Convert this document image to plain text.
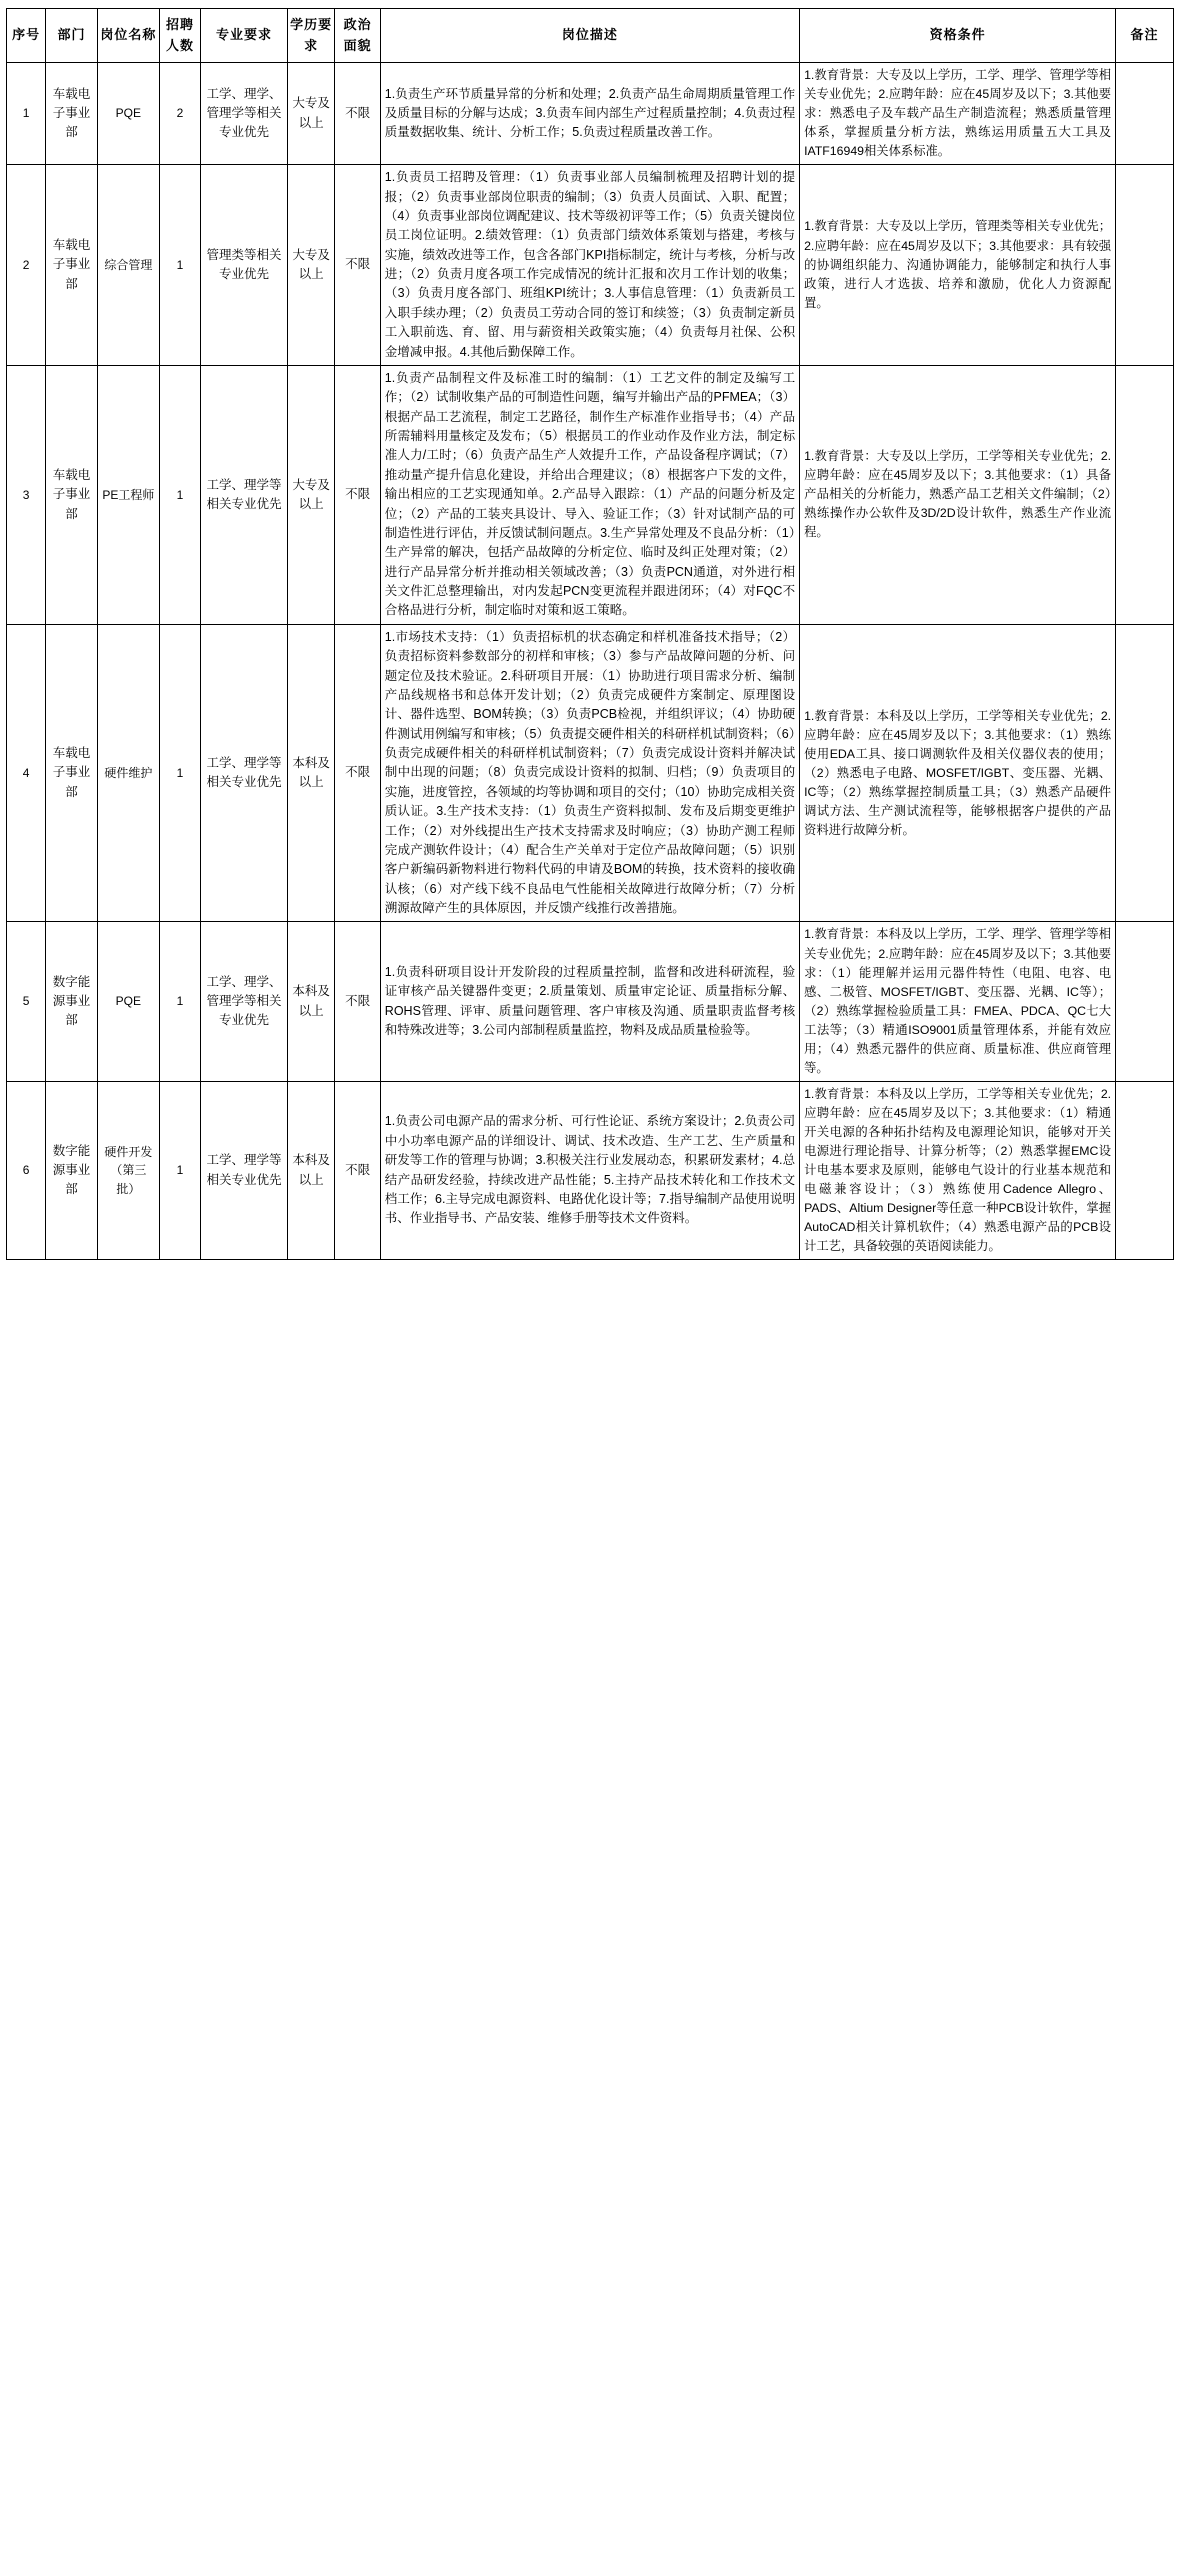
序号	部门	岗位名称	招聘人数	专业要求	学历要求	政治面貌	岗位描述	资格条件	备注
1	车载电子事业部	PQE	2	工学、理学、管理学等相关专业优先	大专及以上	不限	1.负责生产环节质量异常的分析和处理；2.负责产品生命周期质量管理工作及质量目标的分解与达成；3.负责车间内部生产过程质量控制；4.负责过程质量数据收集、统计、分析工作；5.负责过程质量改善工作。	1.教育背景：大专及以上学历，工学、理学、管理学等相关专业优先；2.应聘年龄：应在45周岁及以下；3.其他要求：熟悉电子及车载产品生产制造流程；熟悉质量管理体系，掌握质量分析方法，熟练运用质量五大工具及IATF16949相关体系标准。	
2	车载电子事业部	综合管理	1	管理类等相关专业优先	大专及以上	不限	1.负责员工招聘及管理：（1）负责事业部人员编制梳理及招聘计划的提报；（2）负责事业部岗位职责的编制；（3）负责人员面试、入职、配置；（4）负责事业部岗位调配建议、技术等级初评等工作；（5）负责关键岗位员工岗位证明。2.绩效管理：（1）负责部门绩效体系策划与搭建，考核与实施，绩效改进等工作，包含各部门KPI指标制定，统计与考核，分析与改进；（2）负责月度各项工作完成情况的统计汇报和次月工作计划的收集；（3）负责月度各部门、班组KPI统计；3.人事信息管理：（1）负责新员工入职手续办理；（2）负责员工劳动合同的签订和续签；（3）负责制定新员工入职前选、育、留、用与薪资相关政策实施；（4）负责每月社保、公积金增减申报。4.其他后勤保障工作。	1.教育背景：大专及以上学历，管理类等相关专业优先；2.应聘年龄：应在45周岁及以下；3.其他要求：具有较强的协调组织能力、沟通协调能力，能够制定和执行人事政策，进行人才选拔、培养和激励，优化人力资源配置。	
3	车载电子事业部	PE工程师	1	工学、理学等相关专业优先	大专及以上	不限	1.负责产品制程文件及标准工时的编制：（1）工艺文件的制定及编写工作；（2）试制收集产品的可制造性问题，编写并输出产品的PFMEA；（3）根据产品工艺流程，制定工艺路径，制作生产标准作业指导书；（4）产品所需辅料用量核定及发布；（5）根据员工的作业动作及作业方法，制定标准人力/工时；（6）负责产品生产人效提升工作，产品设备程序调试；（7）推动量产提升信息化建设，并给出合理建议；（8）根据客户下发的文件，输出相应的工艺实现通知单。2.产品导入跟踪：（1）产品的问题分析及定位；（2）产品的工装夹具设计、导入、验证工作；（3）针对试制产品的可制造性进行评估，并反馈试制问题点。3.生产异常处理及不良品分析：（1）生产异常的解决，包括产品故障的分析定位、临时及纠正处理对策；（2）进行产品异常分析并推动相关领域改善；（3）负责PCN通道，对外进行相关文件汇总整理输出，对内发起PCN变更流程并跟进闭环；（4）对FQC不合格品进行分析，制定临时对策和返工策略。	1.教育背景：大专及以上学历，工学等相关专业优先；2.应聘年龄：应在45周岁及以下；3.其他要求：（1）具备产品相关的分析能力，熟悉产品工艺相关文件编制；（2）熟练操作办公软件及3D/2D设计软件，熟悉生产作业流程。	
4	车载电子事业部	硬件维护	1	工学、理学等相关专业优先	本科及以上	不限	1.市场技术支持：（1）负责招标机的状态确定和样机准备技术指导；（2）负责招标资料参数部分的初样和审核；（3）参与产品故障问题的分析、问题定位及技术验证。2.科研项目开展：（1）协助进行项目需求分析、编制产品线规格书和总体开发计划；（2）负责完成硬件方案制定、原理图设计、器件选型、BOM转换；（3）负责PCB检视，并组织评议；（4）协助硬件测试用例编写和审核；（5）负责提交硬件相关的科研样机试制资料；（6）负责完成硬件相关的科研样机试制资料；（7）负责完成设计资料并解决试制中出现的问题；（8）负责完成设计资料的拟制、归档；（9）负责项目的实施，进度管控，各领域的均等协调和项目的交付；（10）协助完成相关资质认证。3.生产技术支持：（1）负责生产资料拟制、发布及后期变更维护工作；（2）对外线提出生产技术支持需求及时响应；（3）协助产测工程师完成产测软件设计；（4）配合生产关单对于定位产品故障问题；（5）识别客户新编码新物料进行物料代码的申请及BOM的转换，技术资料的接收确认核；（6）对产线下线不良品电气性能相关故障进行故障分析；（7）分析溯源故障产生的具体原因，并反馈产线推行改善措施。	1.教育背景：本科及以上学历，工学等相关专业优先；2.应聘年龄：应在45周岁及以下；3.其他要求：（1）熟练使用EDA工具、接口调测软件及相关仪器仪表的使用；（2）熟悉电子电路、MOSFET/IGBT、变压器、光耦、IC等；（2）熟练掌握控制质量工具；（3）熟悉产品硬件调试方法、生产测试流程等，能够根据客户提供的产品资料进行故障分析。	
5	数字能源事业部	PQE	1	工学、理学、管理学等相关专业优先	本科及以上	不限	1.负责科研项目设计开发阶段的过程质量控制，监督和改进科研流程，验证审核产品关键器件变更；2.质量策划、质量审定论证、质量指标分解、ROHS管理、评审、质量问题管理、客户审核及沟通、质量职责监督考核和特殊改进等；3.公司内部制程质量监控，物料及成品质量检验等。	1.教育背景：本科及以上学历，工学、理学、管理学等相关专业优先；2.应聘年龄：应在45周岁及以下；3.其他要求：（1）能理解并运用元器件特性（电阻、电容、电感、二极管、MOSFET/IGBT、变压器、光耦、IC等）；（2）熟练掌握检验质量工具：FMEA、PDCA、QC七大工法等；（3）精通ISO9001质量管理体系，并能有效应用；（4）熟悉元器件的供应商、质量标准、供应商管理等。	
6	数字能源事业部	硬件开发（第三批）	1	工学、理学等相关专业优先	本科及以上	不限	1.负责公司电源产品的需求分析、可行性论证、系统方案设计；2.负责公司中小功率电源产品的详细设计、调试、技术改造、生产工艺、生产质量和研发等工作的管理与协调；3.积极关注行业发展动态，积累研发素材；4.总结产品研发经验，持续改进产品性能；5.主持产品技术转化和工作技术文档工作；6.主导完成电源资料、电路优化设计等；7.指导编制产品使用说明书、作业指导书、产品安装、维修手册等技术文件资料。	1.教育背景：本科及以上学历，工学等相关专业优先；2.应聘年龄：应在45周岁及以下；3.其他要求：（1）精通开关电源的各种拓扑结构及电源理论知识，能够对开关电源进行理论指导、计算分析等；（2）熟悉掌握EMC设计电基本要求及原则，能够电气设计的行业基本规范和电磁兼容设计；（3）熟练使用Cadence Allegro、PADS、Altium Designer等任意一种PCB设计软件，掌握AutoCAD相关计算机软件；（4）熟悉电源产品的PCB设计工艺，具备较强的英语阅读能力。	
